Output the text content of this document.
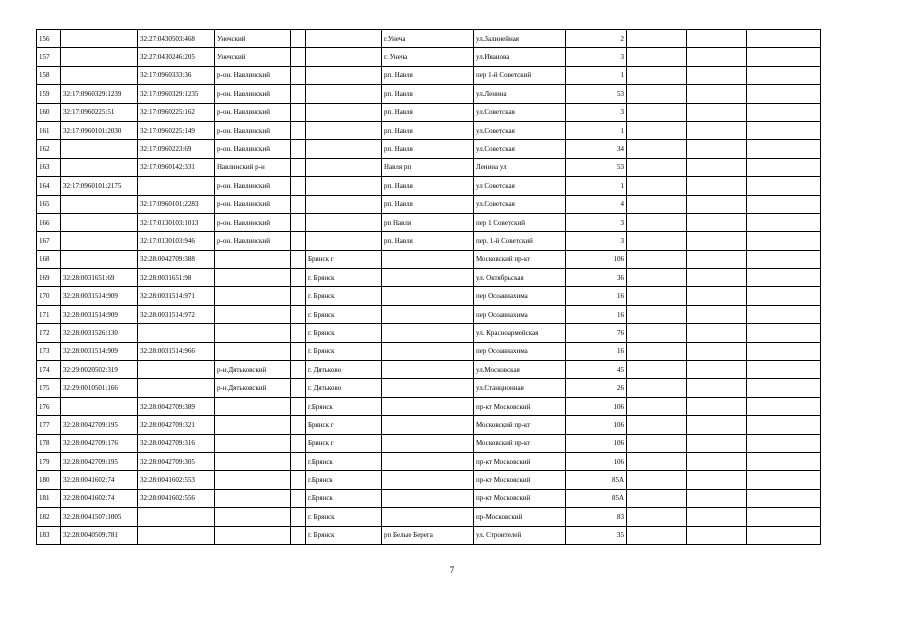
156		32:27:0430503:468	Унечский			г.Унеча	ул.Залинейная	2			
157		32:27:0430246:205	Унечский			г. Унеча	ул.Иванова	3			
158		32:17:0960333:36	р-он. Навлинский			рп. Навля	пер 1-й Советский	1			
159	32:17:0960329:1239	32:17:0960329:1235	р-он. Навлинский			рп. Навля	ул.Ленина	53			
160	32:17:0960225:51	32:17:0960225:162	р-он. Навлинский			рп. Навля	ул.Советская	3			
161	32:17:0960101:2030	32:17:0960225:149	р-он. Навлинский			рп. Навля	ул.Советская	1			
162		32:17:0960223:69	р-он. Навлинский			рп. Навля	ул.Советская	34			
163		32:17:0960142:331	Навлинский р-н			Навля рп	Ленина ул	53			
164	32:17:0960101:2175		р-он. Навлинский			рп. Навля	ул Советская	1			
165		32:17:0960101:2283	р-он. Навлинский			рп. Навля	ул.Советская	4			
166		32:17:0130103:1013	р-он. Навлинский			рп Навля	пер 1 Советский	3			
167		32:17:0130103:946	р-он. Навлинский			рп. Навля	пер. 1-й Советский	3			
168		32:28:0042709:388			Брянск г		Московский пр-кт	106			
169	32:28:0031651:69	32:28:0031651:98			г. Брянск		ул. Октябрьская	36			
170	32:28:0031514:909	32:28:0031514:971			г. Брянск		пер Осоавиахима	16			
171	32:28:0031514:909	32:28:0031514:972			г. Брянск		пер Осоавиахима	16			
172	32:28:0031526:130				г. Брянск		ул. Красноармейская	76			
173	32:28:0031514:909	32:28:0031514:966			г. Брянск		пер Осоавиахима	16			
174	32:29:0020502:319		р-н.Дятьковский		г. Дятьково		ул.Московская	45			
175	32:29:0010501:166		р-н.Дятьковский		г. Дятьково		ул.Станционная	26			
176		32:28:0042709:389			г.Брянск		пр-кт Московский	106			
177	32:28:0042709:195	32:28:0042709:321			Брянск г		Московский пр-кт	106			
178	32:28:0042709:176	32:28:0042709:316			Брянск г		Московский пр-кт	106			
179	32:28:0042709:195	32:28:0042709:305			г.Брянск		пр-кт Московский	106			
180	32:28:0041602:74	32:28:0041602:553			г.Брянск		пр-кт Московский	85А			
181	32:28:0041602:74	32:28:0041602:556			г.Брянск		пр-кт Московский	85А			
182	32:28:0041507:1005				г. Брянск		пр-Московский	83			
183	32:28:0040509:781				г. Брянск	рп Белые Берега	ул. Строителей	35			
7
